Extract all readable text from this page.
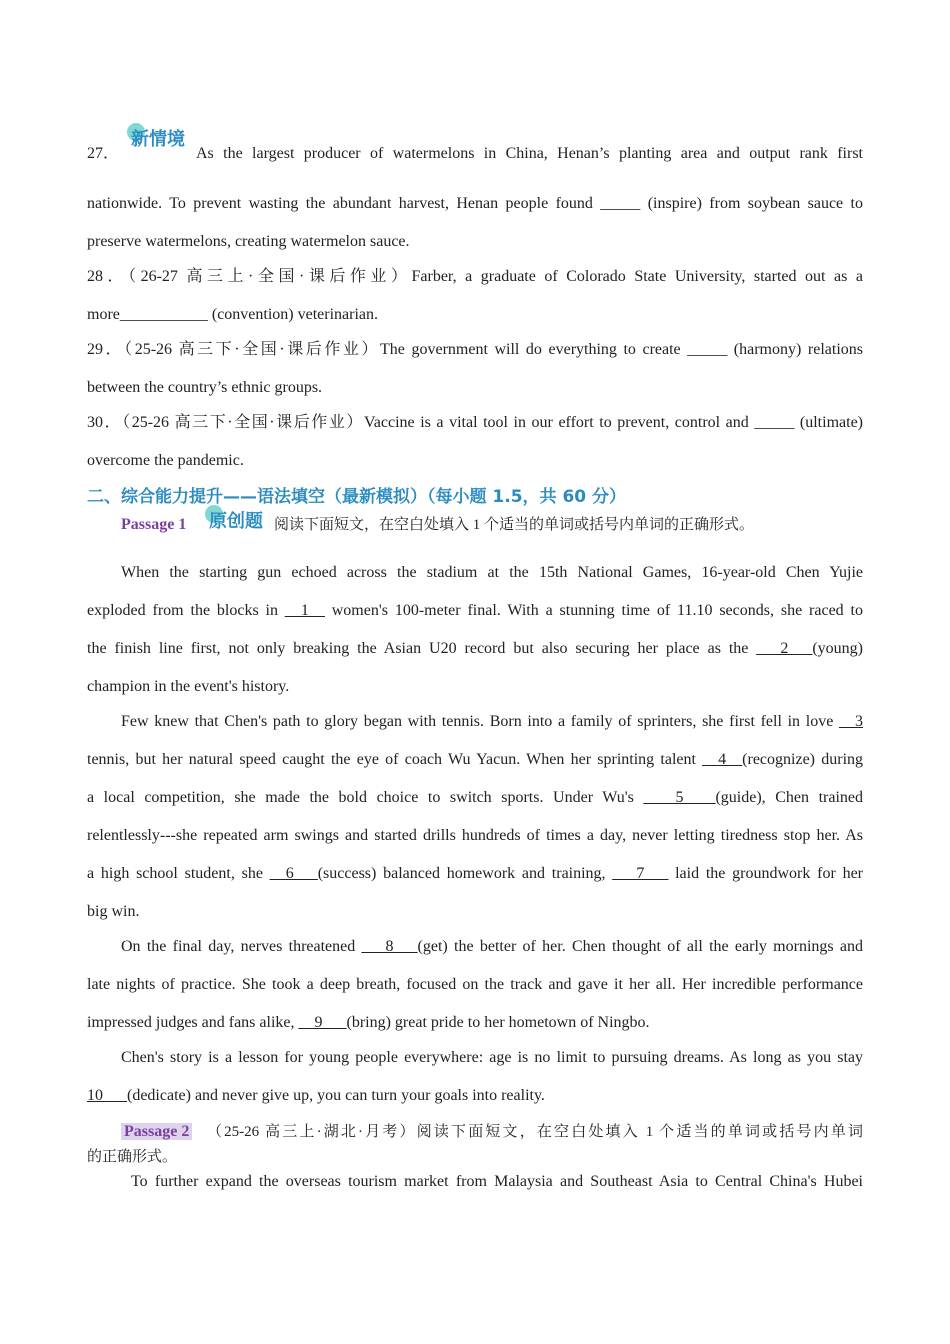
27．
新情境
As the largest producer of watermelons in China, Henan’s planting area and output rank first
nationwide. To prevent wasting the abundant harvest, Henan people found _____ (inspire) from soybean sauce to
preserve watermelons, creating watermelon sauce.
28．（26-27 高三上·全国·课后作业）Farber, a graduate of Colorado State University, started out as a
more___________ (convention) veterinarian.
29．（25-26 高三下·全国·课后作业）The government will do everything to create _____ (harmony) relations
between the country’s ethnic groups.
30．（25-26 高三下·全国·课后作业）Vaccine is a vital tool in our effort to prevent, control and _____ (ultimate)
overcome the pandemic.
二、综合能力提升——语法填空（最新模拟）（每小题 1.5，共 60 分）
Passage 1	原创题 阅读下面短文，在空白处填入 1 个适当的单词或括号内单词的正确形式。
When the starting gun echoed across the stadium at the 15th National Games, 16-year-old Chen Yujie
exploded from the blocks in __1__ women's 100-meter final. With a stunning time of 11.10 seconds, she raced to
the finish line first, not only breaking the Asian U20 record but also securing her place as the ___2___(young)
champion in the event's history.
Few knew that Chen's path to glory began with tennis. Born into a family of sprinters, she first fell in love __3
tennis, but her natural speed caught the eye of coach Wu Yacun. When her sprinting talent __4__(recognize) during
a local competition, she made the bold choice to switch sports. Under Wu's ____5____(guide), Chen trained
relentlessly---she repeated arm swings and started drills hundreds of times a day, never letting tiredness stop her. As
a high school student, she __6___(success) balanced homework and training, ___7___ laid the groundwork for her
big win.
On the final day, nerves threatened ___8___(get) the better of her. Chen thought of all the early mornings and
late nights of practice. She took a deep breath, focused on the track and gave it her all. Her incredible performance
impressed judges and fans alike, __9___(bring) great pride to her hometown of Ningbo.
Chen's story is a lesson for young people everywhere: age is no limit to pursuing dreams. As long as you stay
10___(dedicate) and never give up, you can turn your goals into reality.
Passage 2	（25-26 高三上·湖北·月考）阅读下面短文，在空白处填入 1 个适当的单词或括号内单词
的正确形式。
To further expand the overseas tourism market from Malaysia and Southeast Asia to Central China's Hubei
